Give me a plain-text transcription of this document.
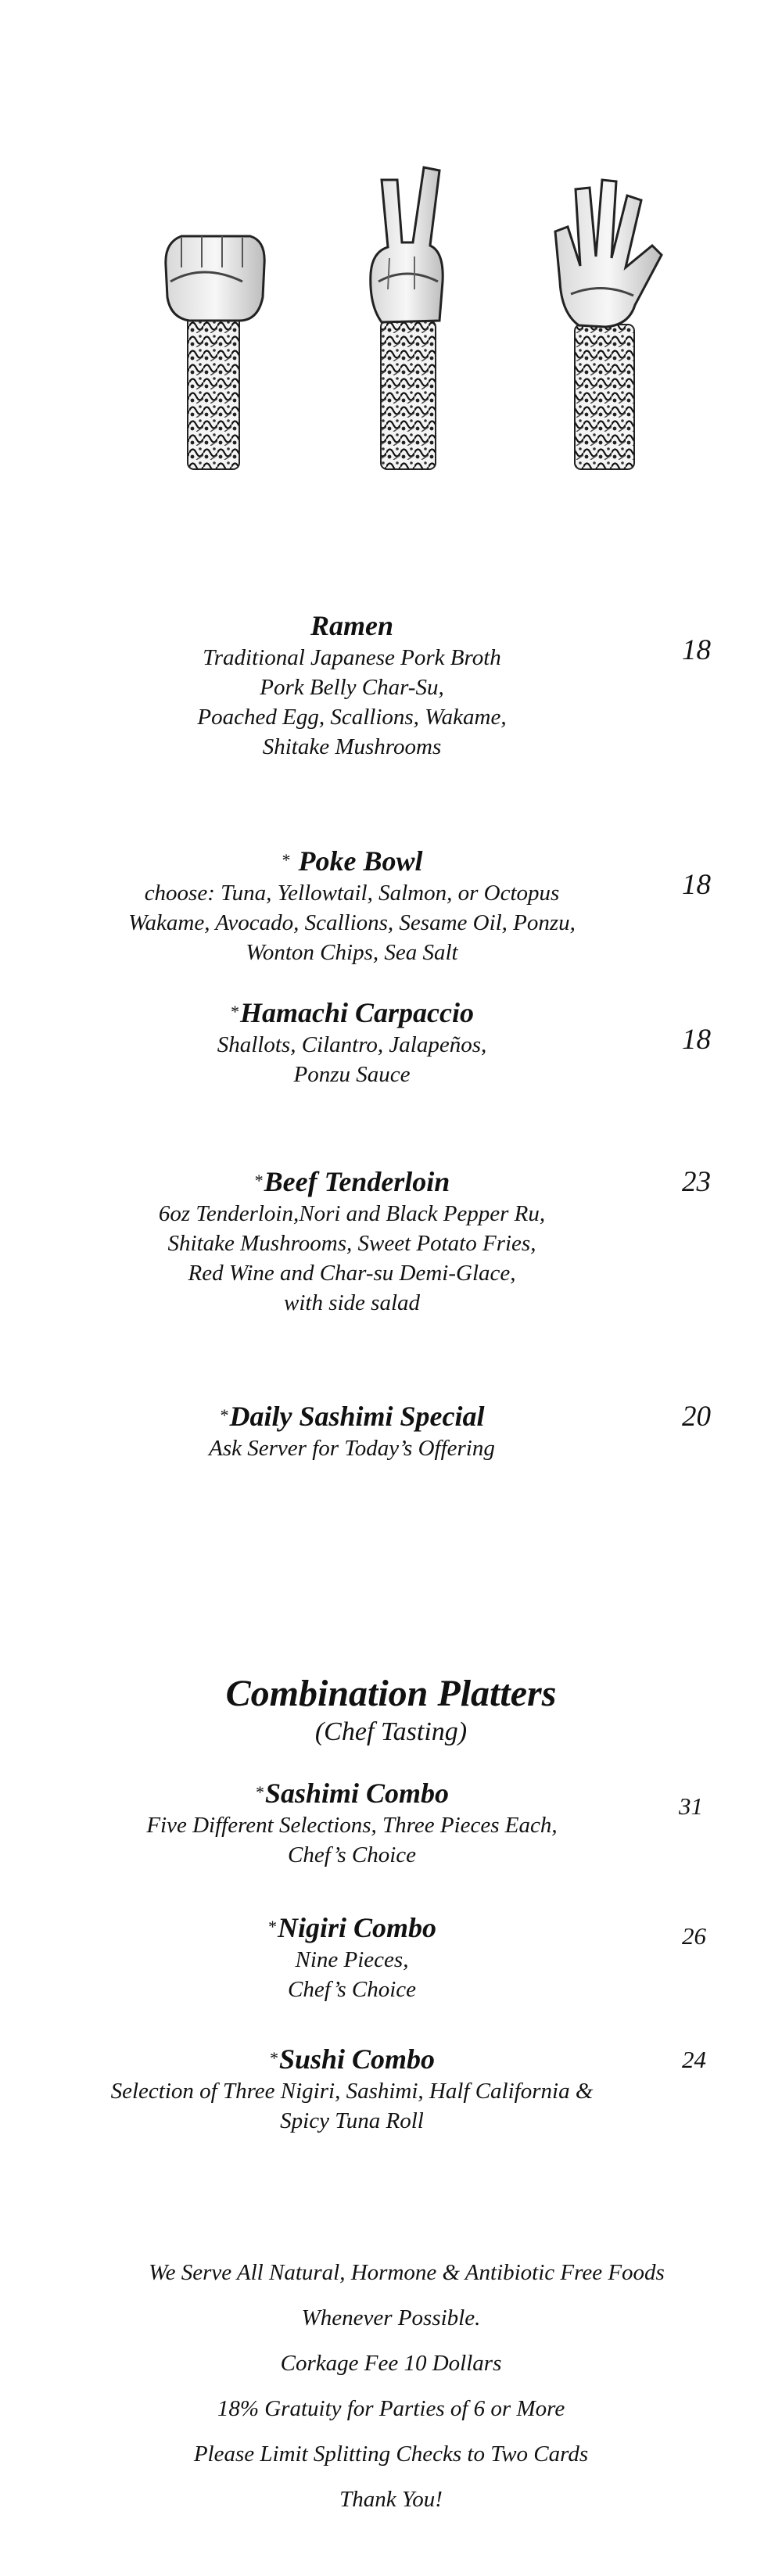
Ramen
Traditional Japanese Pork Broth
Pork Belly Char-Su,
Poached Egg, Scallions, Wakame,
Shitake Mushrooms
18
* Poke Bowl
choose: Tuna, Yellowtail, Salmon, or Octopus
Wakame, Avocado, Scallions, Sesame Oil, Ponzu,
Wonton Chips, Sea Salt
18
*Hamachi Carpaccio
Shallots, Cilantro, Jalapeños,
Ponzu Sauce
18
*Beef Tenderloin
6oz Tenderloin,Nori and Black Pepper Ru,
Shitake Mushrooms, Sweet Potato Fries,
Red Wine and Char-su Demi-Glace,
with side salad
23
*Daily Sashimi Special
Ask Server for Today’s Offering
20
Combination Platters
(Chef Tasting)
*Sashimi Combo
Five Different Selections, Three Pieces Each,
Chef’s Choice
31
*Nigiri Combo
Nine Pieces,
Chef’s Choice
26
*Sushi Combo
Selection of Three Nigiri, Sashimi, Half California &
Spicy Tuna Roll
24
We Serve All Natural, Hormone & Antibiotic Free Foods
Whenever Possible.
Corkage Fee 10 Dollars
18% Gratuity for Parties of 6 or More
Please Limit Splitting Checks to Two Cards
Thank You!
